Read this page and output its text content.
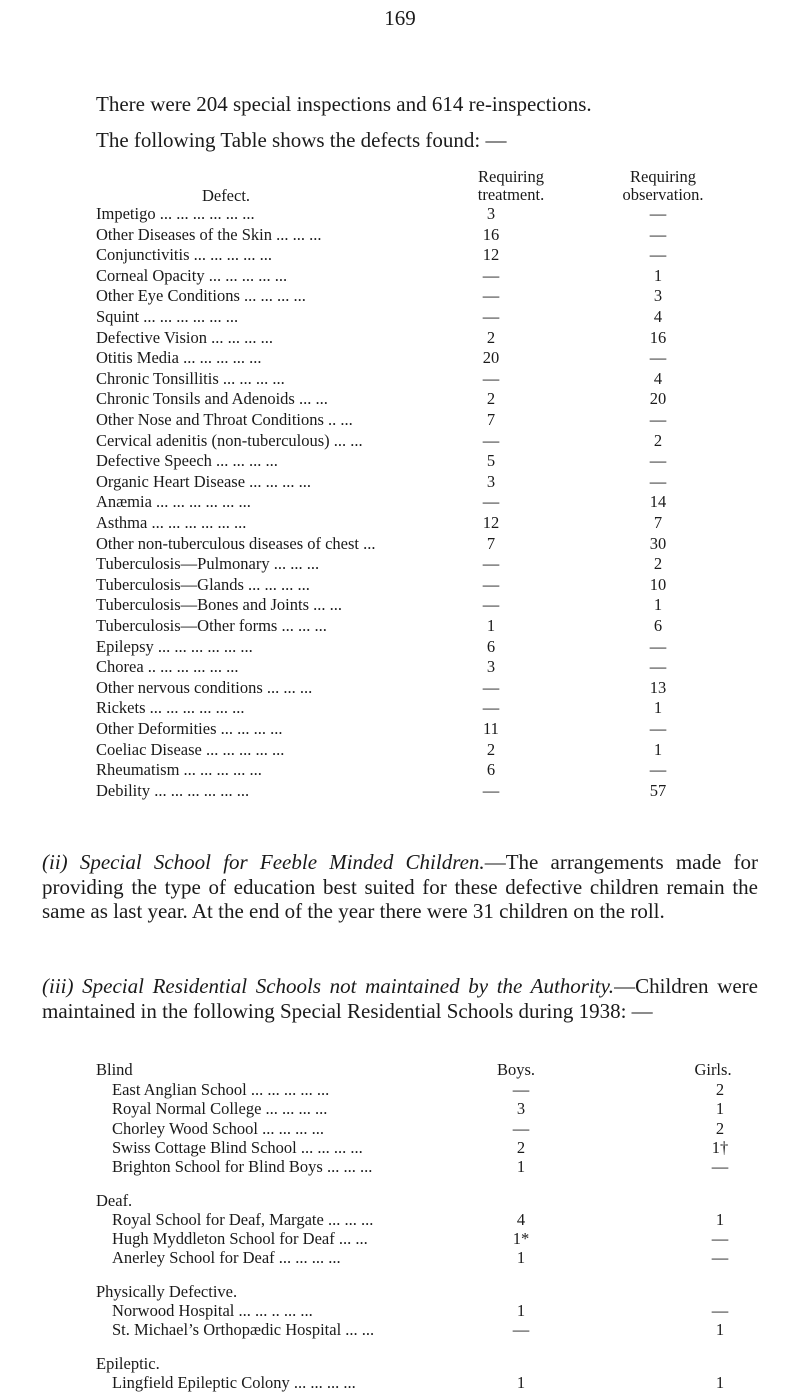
169
There were 204 special inspections and 614 re-inspections.
The following Table shows the defects found: —
Defect.
Requiring
treatment.
Requiring
observation.
Impetigo ... ... ... ... ... ...	3	—
Other Diseases of the Skin ... ... ...	16	—
Conjunctivitis ... ... ... ... ...	12	—
Corneal Opacity ... ... ... ... ...	—	1
Other Eye Conditions ... ... ... ...	—	3
Squint ... ... ... ... ... ...	—	4
Defective Vision ... ... ... ...	2	16
Otitis Media ... ... ... ... ...	20	—
Chronic Tonsillitis ... ... ... ...	—	4
Chronic Tonsils and Adenoids ... ...	2	20
Other Nose and Throat Conditions .. ...	7	—
Cervical adenitis (non-tuberculous) ... ...	—	2
Defective Speech ... ... ... ...	5	—
Organic Heart Disease ... ... ... ...	3	—
Anæmia ... ... ... ... ... ...	—	14
Asthma ... ... ... ... ... ...	12	7
Other non-tuberculous diseases of chest ...	7	30
Tuberculosis—Pulmonary ... ... ...	—	2
Tuberculosis—Glands ... ... ... ...	—	10
Tuberculosis—Bones and Joints ... ...	—	1
Tuberculosis—Other forms ... ... ...	1	6
Epilepsy ... ... ... ... ... ...	6	—
Chorea .. ... ... ... ... ...	3	—
Other nervous conditions ... ... ...	—	13
Rickets ... ... ... ... ... ...	—	1
Other Deformities ... ... ... ...	11	—
Coeliac Disease ... ... ... ... ...	2	1
Rheumatism ... ... ... ... ...	6	—
Debility ... ... ... ... ... ...	—	57
(ii) Special School for Feeble Minded Children.—The arrangements made for providing the type of education best suited for these defective children remain the same as last year. At the end of the year there were 31 children on the roll.
(iii) Special Residential Schools not maintained by the Authority.—Children were maintained in the following Special Residential Schools during 1938: —
Boys.	Girls.
Blind
East Anglian School ... ... ... ... ...	—	2
Royal Normal College ... ... ... ...	3	1
Chorley Wood School ... ... ... ...	—	2
Swiss Cottage Blind School ... ... ... ...	2	1†
Brighton School for Blind Boys ... ... ...	1	—
Deaf.
Royal School for Deaf, Margate ... ... ...	4	1
Hugh Myddleton School for Deaf ... ...	1*	—
Anerley School for Deaf ... ... ... ...	1	—
Physically Defective.
Norwood Hospital ... ... .. ... ...	1	—
St. Michael’s Orthopædic Hospital ... ...	—	1
Epileptic.
Lingfield Epileptic Colony ... ... ... ...	1	1
